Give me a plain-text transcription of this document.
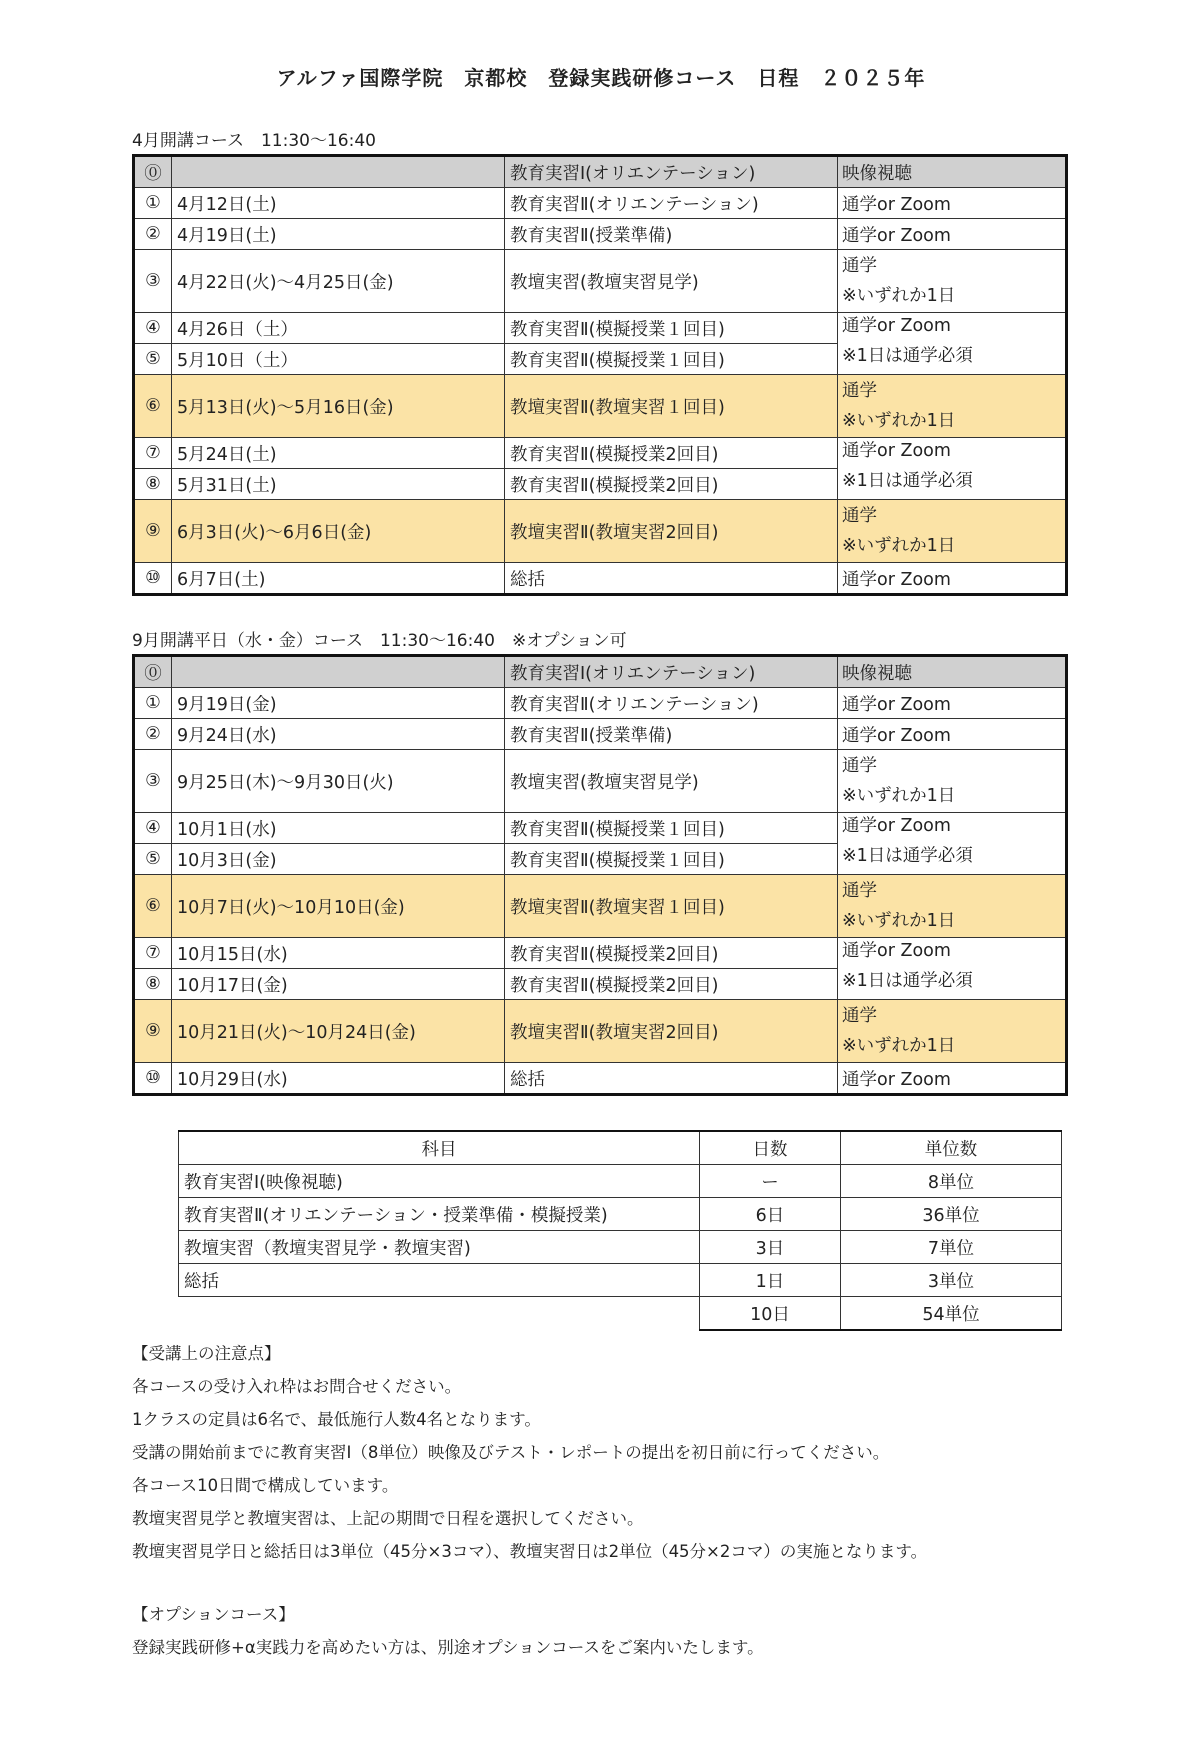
アルファ国際学院　京都校　登録実践研修コース　日程　２０２５年
4月開講コース　11:30～16:40
⓪		教育実習Ⅰ(オリエンテーション)	映像視聴
①	4月12日(土)	教育実習Ⅱ(オリエンテーション)	通学or Zoom
②	4月19日(土)	教育実習Ⅱ(授業準備)	通学or Zoom
③	4月22日(火)～4月25日(金)	教壇実習(教壇実習見学)	通学
※いずれか1日

④	4月26日（土）	教育実習Ⅱ(模擬授業１回目)	通学or Zoom
※1日は通学必須

⑤	5月10日（土）	教育実習Ⅱ(模擬授業１回目)	
⑥	5月13日(火)～5月16日(金)	教壇実習Ⅱ(教壇実習１回目)	通学
※いずれか1日

⑦	5月24日(土)	教育実習Ⅱ(模擬授業2回目)	通学or Zoom
※1日は通学必須

⑧	5月31日(土)	教育実習Ⅱ(模擬授業2回目)	
⑨	6月3日(火)～6月6日(金)	教壇実習Ⅱ(教壇実習2回目)	通学
※いずれか1日

⑩	6月7日(土)	総括	通学or Zoom
9月開講平日（水・金）コース　11:30～16:40　※オプション可
⓪		教育実習Ⅰ(オリエンテーション)	映像視聴
①	9月19日(金)	教育実習Ⅱ(オリエンテーション)	通学or Zoom
②	9月24日(水)	教育実習Ⅱ(授業準備)	通学or Zoom
③	9月25日(木)～9月30日(火)	教壇実習(教壇実習見学)	通学
※いずれか1日

④	10月1日(水)	教育実習Ⅱ(模擬授業１回目)	通学or Zoom
※1日は通学必須

⑤	10月3日(金)	教育実習Ⅱ(模擬授業１回目)	
⑥	10月7日(火)～10月10日(金)	教壇実習Ⅱ(教壇実習１回目)	通学
※いずれか1日

⑦	10月15日(水)	教育実習Ⅱ(模擬授業2回目)	通学or Zoom
※1日は通学必須

⑧	10月17日(金)	教育実習Ⅱ(模擬授業2回目)	
⑨	10月21日(火)～10月24日(金)	教壇実習Ⅱ(教壇実習2回目)	通学
※いずれか1日

⑩	10月29日(水)	総括	通学or Zoom
科目	日数	単位数
教育実習Ⅰ(映像視聴)	ー	8単位
教育実習Ⅱ(オリエンテーション・授業準備・模擬授業)	6日	36単位
教壇実習（教壇実習見学・教壇実習)	3日	7単位
総括	1日	3単位
	10日	54単位
【受講上の注意点】
各コースの受け入れ枠はお問合せください。
1クラスの定員は6名で、最低施行人数4名となります。
受講の開始前までに教育実習Ⅰ（8単位）映像及びテスト・レポートの提出を初日前に行ってください。
各コース10日間で構成しています。
教壇実習見学と教壇実習は、上記の期間で日程を選択してください。
教壇実習見学日と総括日は3単位（45分×3コマ）、教壇実習日は2単位（45分×2コマ）の実施となります。
【オプションコース】
登録実践研修+α実践力を高めたい方は、別途オプションコースをご案内いたします。
